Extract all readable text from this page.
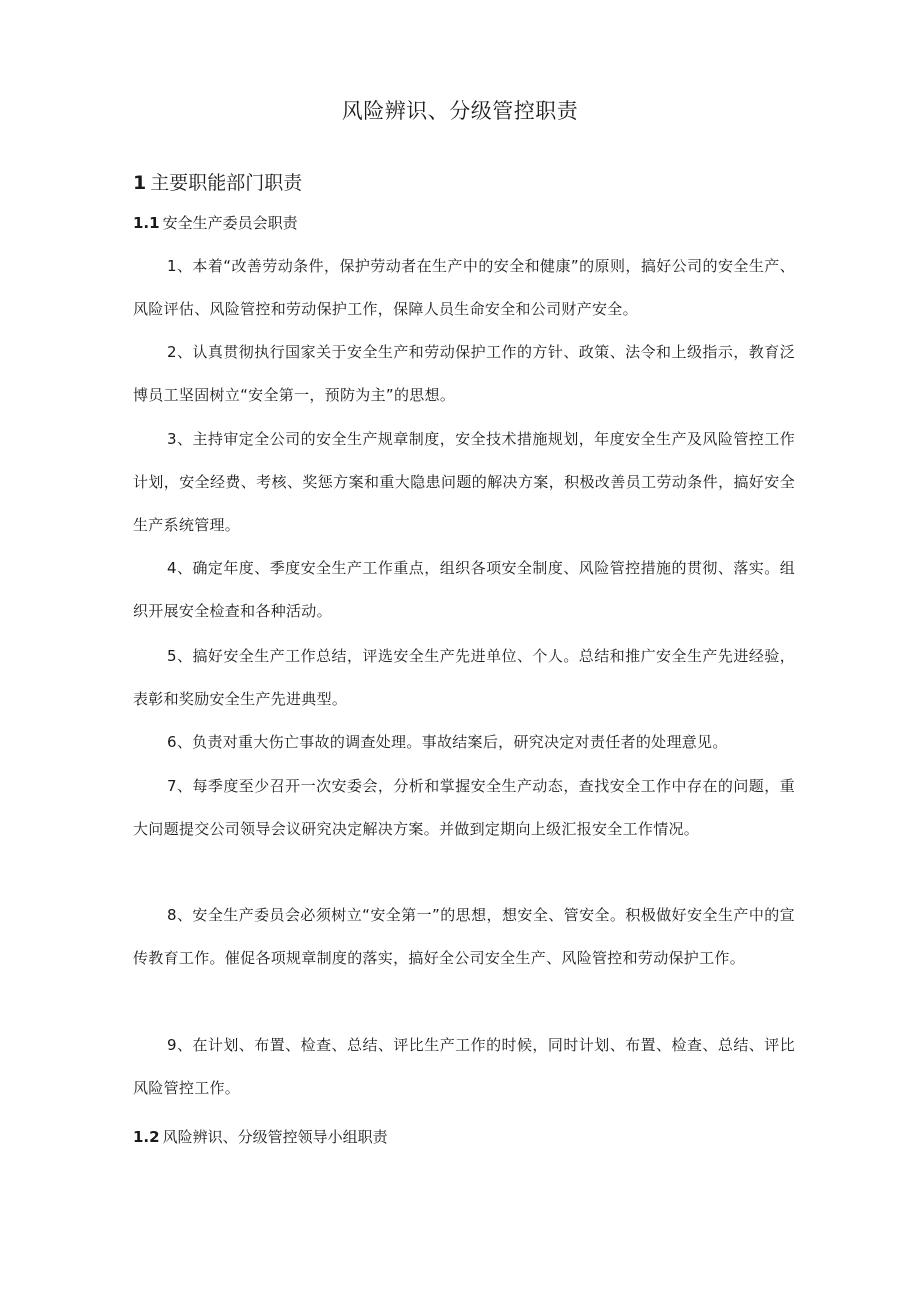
风险辨识、分级管控职责
1 主要职能部门职责
1.1 安全生产委员会职责

1、本着“改善劳动条件，保护劳动者在生产中的安全和健康”的原则，搞好公司的安全生产、风险评估、风险管控和劳动保护工作，保障人员生命安全和公司财产安全。

2、认真贯彻执行国家关于安全生产和劳动保护工作的方针、政策、法令和上级指示，教育泛博员工坚固树立“安全第一，预防为主”的思想。

3、主持审定全公司的安全生产规章制度，安全技术措施规划，年度安全生产及风险管控工作计划，安全经费、考核、奖惩方案和重大隐患问题的解决方案，积极改善员工劳动条件，搞好安全生产系统管理。

4、确定年度、季度安全生产工作重点，组织各项安全制度、风险管控措施的贯彻、落实。组织开展安全检查和各种活动。

5、搞好安全生产工作总结，评选安全生产先进单位、个人。总结和推广安全生产先进经验，表彰和奖励安全生产先进典型。

6、负责对重大伤亡事故的调查处理。事故结案后，研究决定对责任者的处理意见。

7、每季度至少召开一次安委会，分析和掌握安全生产动态，查找安全工作中存在的问题，重大问题提交公司领导会议研究决定解决方案。并做到定期向上级汇报安全工作情况。

8、安全生产委员会必须树立“安全第一”的思想，想安全、管安全。积极做好安全生产中的宣传教育工作。催促各项规章制度的落实，搞好全公司安全生产、风险管控和劳动保护工作。

9、在计划、布置、检查、总结、评比生产工作的时候，同时计划、布置、检查、总结、评比风险管控工作。

1.2 风险辨识、分级管控领导小组职责
